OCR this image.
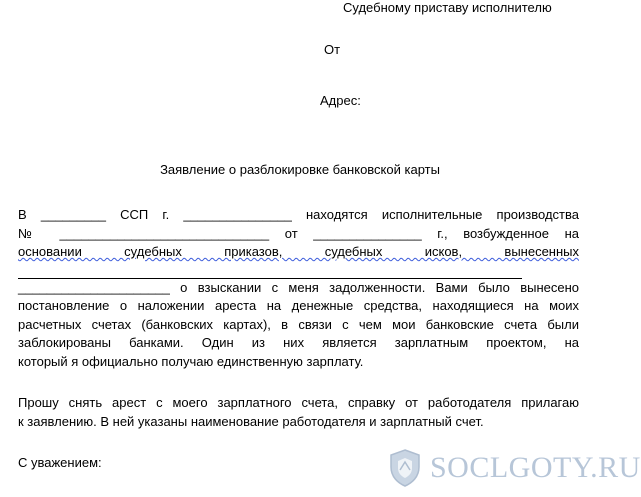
Судебному приставу исполнителю
От
Адрес:
Заявление о разблокировке банковской карты
В _________ ССП г. _______________ находятся исполнительные производства
№ _____________________________ от _______________ г., возбужденное на
основании судебных приказов, судебных исков, вынесенных
_____________________ о взыскании с меня задолженности. Вами было вынесено
постановление о наложении ареста на денежные средства, находящиеся на моих
расчетных счетах (банковских картах), в связи с чем мои банковские счета были
заблокированы банками. Один из них является зарплатным проектом, на
который я официально получаю единственную зарплату.
Прошу снять арест с моего зарплатного счета, справку от работодателя прилагаю
к заявлению. В ней указаны наименование работодателя и зарплатный счет.
С уважением:	SOCLGOTY.RU
